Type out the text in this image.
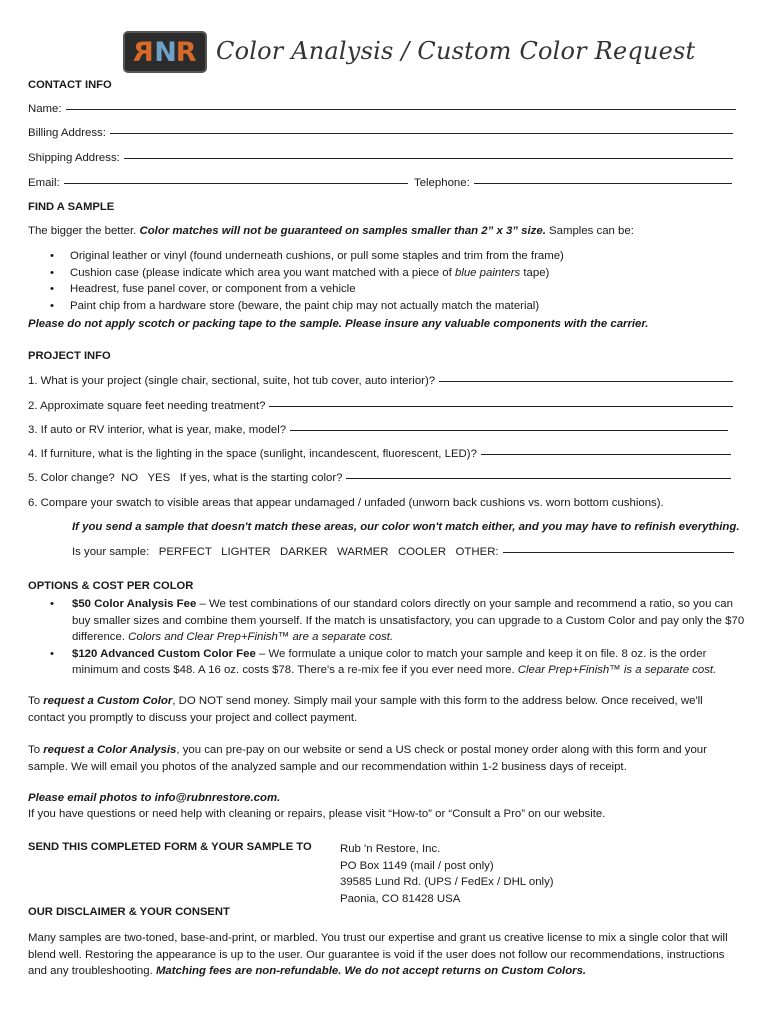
R N R Color Analysis / Custom Color Request
CONTACT INFO
Name:
Billing Address:
Shipping Address:
Email:	Telephone:
FIND A SAMPLE
The bigger the better. Color matches will not be guaranteed on samples smaller than 2” x 3” size. Samples can be:
• Original leather or vinyl (found underneath cushions, or pull some staples and trim from the frame)
• Cushion case (please indicate which area you want matched with a piece of blue painters tape)
• Headrest, fuse panel cover, or component from a vehicle
• Paint chip from a hardware store (beware, the paint chip may not actually match the material)
Please do not apply scotch or packing tape to the sample. Please insure any valuable components with the carrier.
PROJECT INFO
1. What is your project (single chair, sectional, suite, hot tub cover, auto interior)?
2. Approximate square feet needing treatment?
3. If auto or RV interior, what is year, make, model?
4. If furniture, what is the lighting in the space (sunlight, incandescent, fluorescent, LED)?
5. Color change?  NO   YES   If yes, what is the starting color?
6. Compare your swatch to visible areas that appear undamaged / unfaded (unworn back cushions vs. worn bottom cushions).
If you send a sample that doesn't match these areas, our color won't match either, and you may have to refinish everything.
Is your sample:   PERFECT   LIGHTER   DARKER   WARMER   COOLER   OTHER:
OPTIONS & COST PER COLOR
• $50 Color Analysis Fee – We test combinations of our standard colors directly on your sample and recommend a ratio, so you can buy smaller sizes and combine them yourself. If the match is unsatisfactory, you can upgrade to a Custom Color and pay only the $70 difference. Colors and Clear Prep+Finish™ are a separate cost.
• $120 Advanced Custom Color Fee – We formulate a unique color to match your sample and keep it on file. 8 oz. is the order minimum and costs $48. A 16 oz. costs $78. There's a re-mix fee if you ever need more. Clear Prep+Finish™ is a separate cost.
To request a Custom Color, DO NOT send money. Simply mail your sample with this form to the address below. Once received, we'll contact you promptly to discuss your project and collect payment.
To request a Color Analysis, you can pre-pay on our website or send a US check or postal money order along with this form and your sample. We will email you photos of the analyzed sample and our recommendation within 1-2 business days of receipt.
Please email photos to info@rubnrestore.com.
If you have questions or need help with cleaning or repairs, please visit “How-to” or “Consult a Pro” on our website.
SEND THIS COMPLETED FORM & YOUR SAMPLE TO Rub 'n Restore, Inc.
PO Box 1149 (mail / post only)
39585 Lund Rd. (UPS / FedEx / DHL only)
Paonia, CO 81428 USA
OUR DISCLAIMER & YOUR CONSENT
Many samples are two-toned, base-and-print, or marbled. You trust our expertise and grant us creative license to mix a single color that will blend well. Restoring the appearance is up to the user. Our guarantee is void if the user does not follow our recommendations, instructions and any troubleshooting. Matching fees are non-refundable. We do not accept returns on Custom Colors.
